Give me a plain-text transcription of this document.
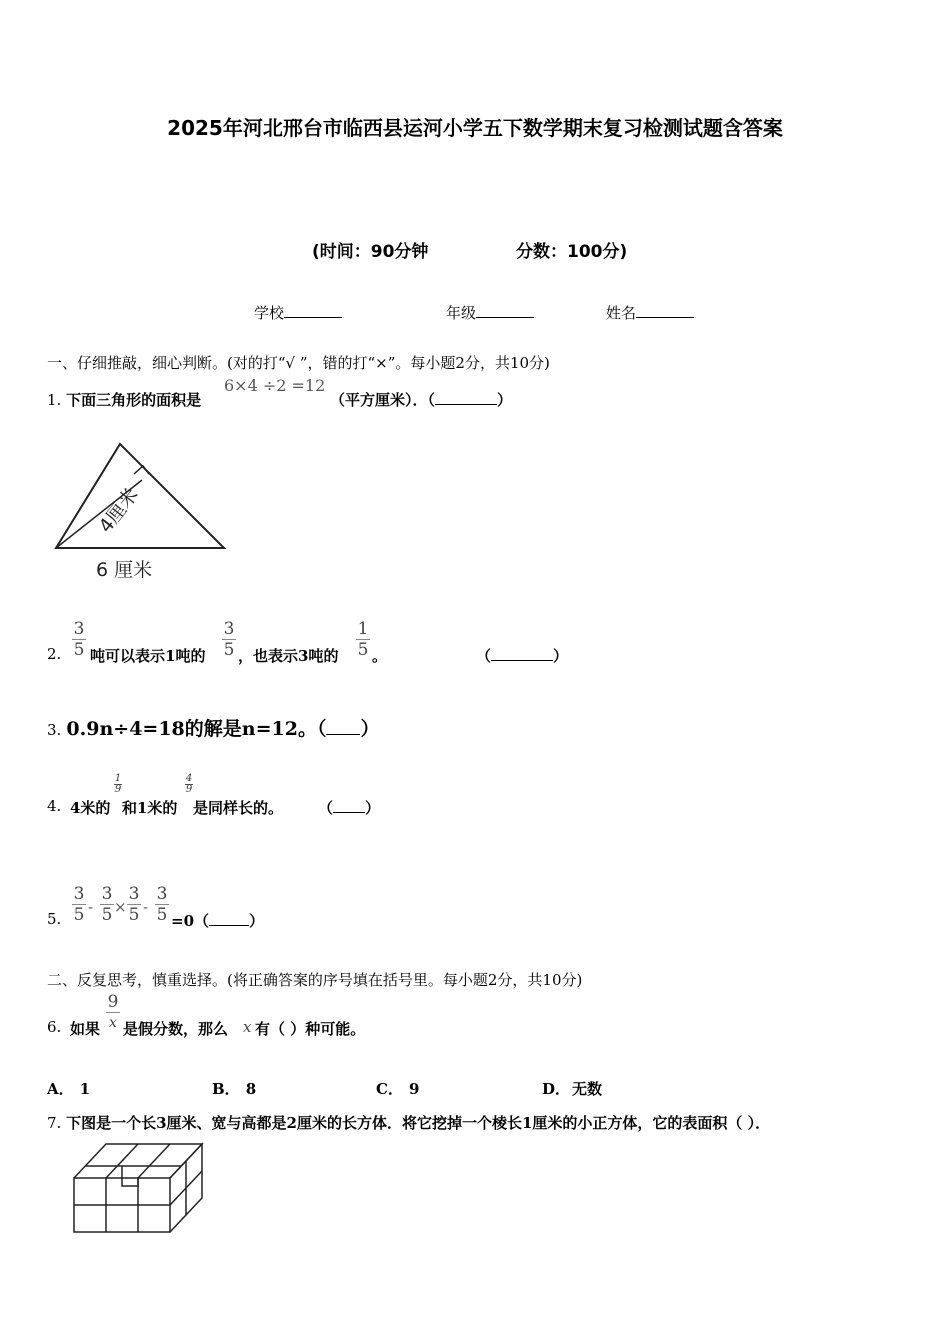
2025年河北邢台市临西县运河小学五下数学期末复习检测试题含答案
(时间：90分钟	分数：100分)
学校	年级	姓名
一、仔细推敲，细心判断。(对的打“√ ”，错的打“×”。每小题2分，共10分)
1. 下面三角形的面积是
6×4 ÷2 =12
（平方厘米）．（	）
4厘米
6 厘米
2.
3
5 吨可以表示1吨的
3
5 ，也表示3吨的
1
5 。	（	）
3. 0.9n÷4=18的解是n=12。（ ）
4. 4米的
1
9
和1米的
4
9
是同样长的。 （ ）
5.
3
5 -
3
5 ×
3
5 -
3
5 =0（	）
二、反复思考，慎重选择。(将正确答案的序号填在括号里。每小题2分，共10分)
6. 如果
9
x 是假分数，那么 x 有（ ）种可能。
A． 1	B． 8	C． 9	D． 无数
7. 下图是一个长3厘米、宽与高都是2厘米的长方体．将它挖掉一个棱长1厘米的小正方体，它的表面积（ ）．
